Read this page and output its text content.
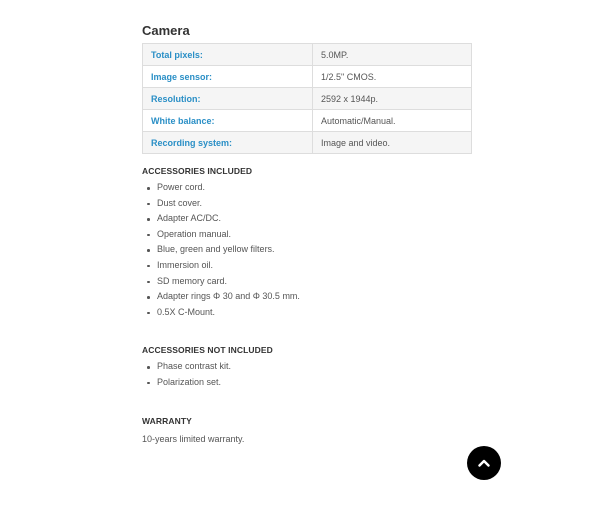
Camera
Total pixels:	5.0MP.
Image sensor:	1/2.5" CMOS.
Resolution:	2592 x 1944p.
White balance:	Automatic/Manual.
Recording system:	Image and video.
ACCESSORIES INCLUDED
Power cord.
Dust cover.
Adapter AC/DC.
Operation manual.
Blue, green and yellow filters.
Immersion oil.
SD memory card.
Adapter rings Φ 30 and Φ 30.5 mm.
0.5X C-Mount.
ACCESSORIES NOT INCLUDED
Phase contrast kit.
Polarization set.
WARRANTY
10-years limited warranty.
